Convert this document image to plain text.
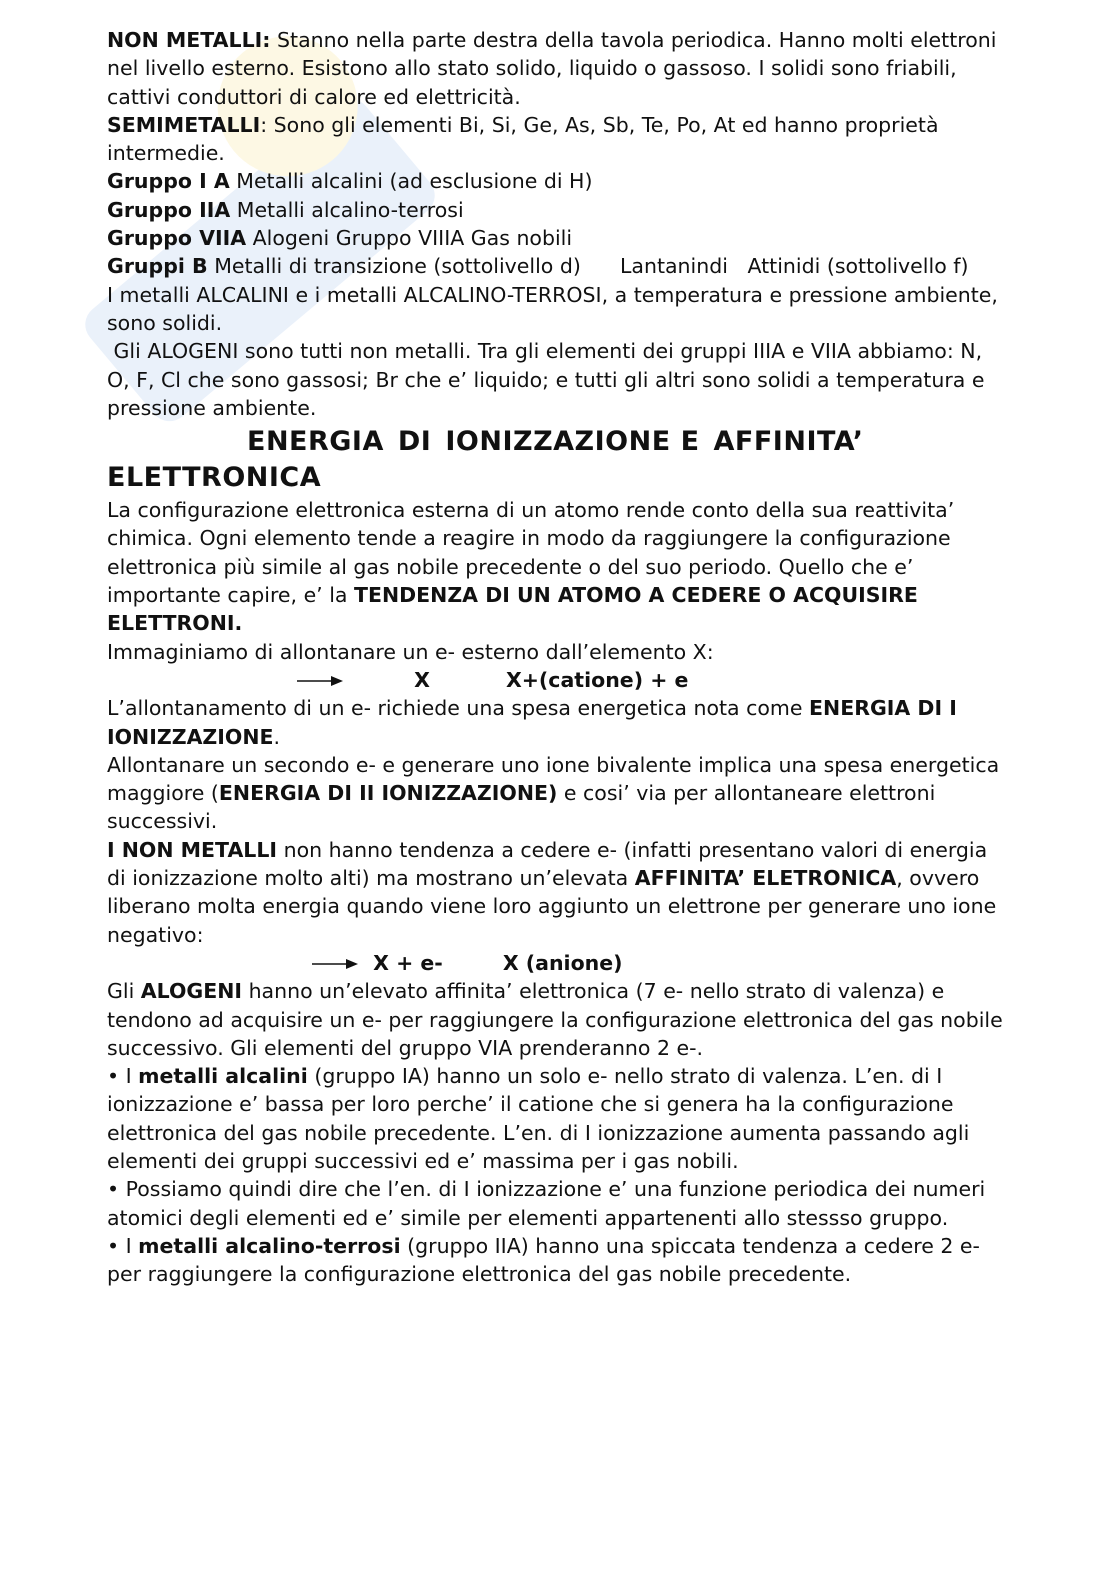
NON METALLI: Stanno nella parte destra della tavola periodica. Hanno molti elettroni nel livello esterno. Esistono allo stato solido, liquido o gassoso. I solidi sono friabili, cattivi conduttori di calore ed elettricità.

SEMIMETALLI: Sono gli elementi Bi, Si, Ge, As, Sb, Te, Po, At ed hanno proprietà intermedie.

Gruppo I A Metalli alcalini (ad esclusione di H)

Gruppo IIA Metalli alcalino-terrosi

Gruppo VIIA Alogeni Gruppo VIIIA Gas nobili

Gruppi B Metalli di transizione (sottolivello d)      Lantanindi   Attinidi (sottolivello f)

I metalli ALCALINI e i metalli ALCALINO-TERROSI, a temperatura e pressione ambiente, sono solidi.

Gli ALOGENI sono tutti non metalli. Tra gli elementi dei gruppi IIIA e VIIA abbiamo: N, O, F, Cl che sono gassosi; Br che e’ liquido; e tutti gli altri sono solidi a temperatura e pressione ambiente.

ENERGIA DI IONIZZAZIONE E AFFINITA’
ELETTRONICA

La configurazione elettronica esterna di un atomo rende conto della sua reattivita’ chimica. Ogni elemento tende a reagire in modo da raggiungere la configurazione elettronica più simile al gas nobile precedente o del suo periodo. Quello che e’ importante capire, e’ la TENDENZA DI UN ATOMO A CEDERE O ACQUISIRE ELETTRONI.

Immaginiamo di allontanare un e- esterno dall’elemento X:

X	X+(catione) + e

L’allontanamento di un e- richiede una spesa energetica nota come ENERGIA DI I IONIZZAZIONE.

Allontanare un secondo e- e generare uno ione bivalente implica una spesa energetica maggiore (ENERGIA DI II IONIZZAZIONE) e cosi’ via per allontaneare elettroni successivi.

I NON METALLI non hanno tendenza a cedere e- (infatti presentano valori di energia di ionizzazione molto alti) ma mostrano un’elevata AFFINITA’ ELETRONICA, ovvero liberano molta energia quando viene loro aggiunto un elettrone per generare uno ione negativo:

X + e-	X (anione)

Gli ALOGENI hanno un’elevato affinita’ elettronica (7 e- nello strato di valenza) e tendono ad acquisire un e- per raggiungere la configurazione elettronica del gas nobile successivo. Gli elementi del gruppo VIA prenderanno 2 e-.

• I metalli alcalini (gruppo IA) hanno un solo e- nello strato di valenza. L’en. di I ionizzazione e’ bassa per loro perche’ il catione che si genera ha la configurazione elettronica del gas nobile precedente. L’en. di I ionizzazione aumenta passando agli elementi dei gruppi successivi ed e’ massima per i gas nobili.

• Possiamo quindi dire che l’en. di I ionizzazione e’ una funzione periodica dei numeri atomici degli elementi ed e’ simile per elementi appartenenti allo stessso gruppo.

• I metalli alcalino-terrosi (gruppo IIA) hanno una spiccata tendenza a cedere 2 e- per raggiungere la configurazione elettronica del gas nobile precedente.
